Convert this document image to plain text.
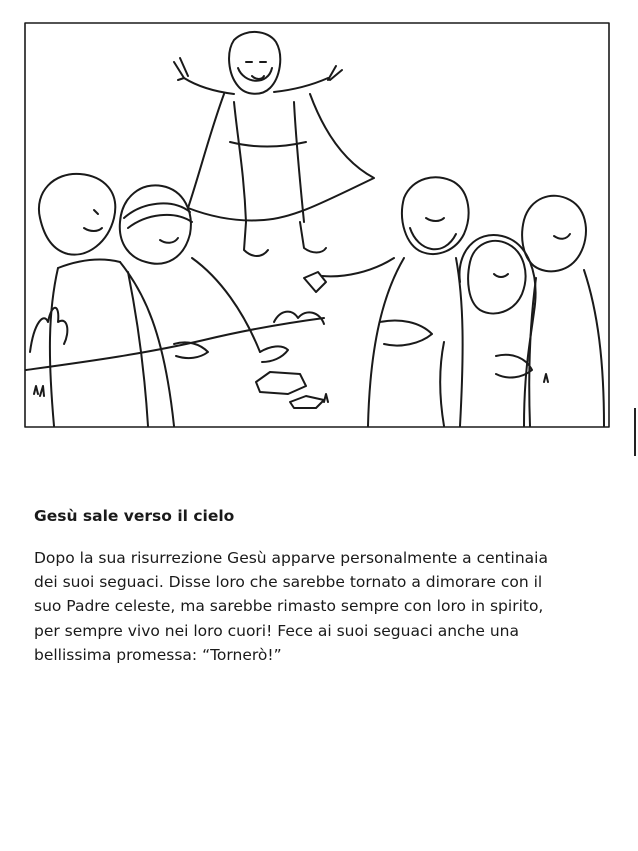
Gesù sale verso il cielo

Dopo la sua risurrezione Gesù apparve personalmente a centinaia
dei suoi seguaci. Disse loro che sarebbe tornato a dimorare con il
suo Padre celeste, ma sarebbe rimasto sempre con loro in spirito,
per sempre vivo nei loro cuori! Fece ai suoi seguaci anche una
bellissima promessa: “Tornerò!”
